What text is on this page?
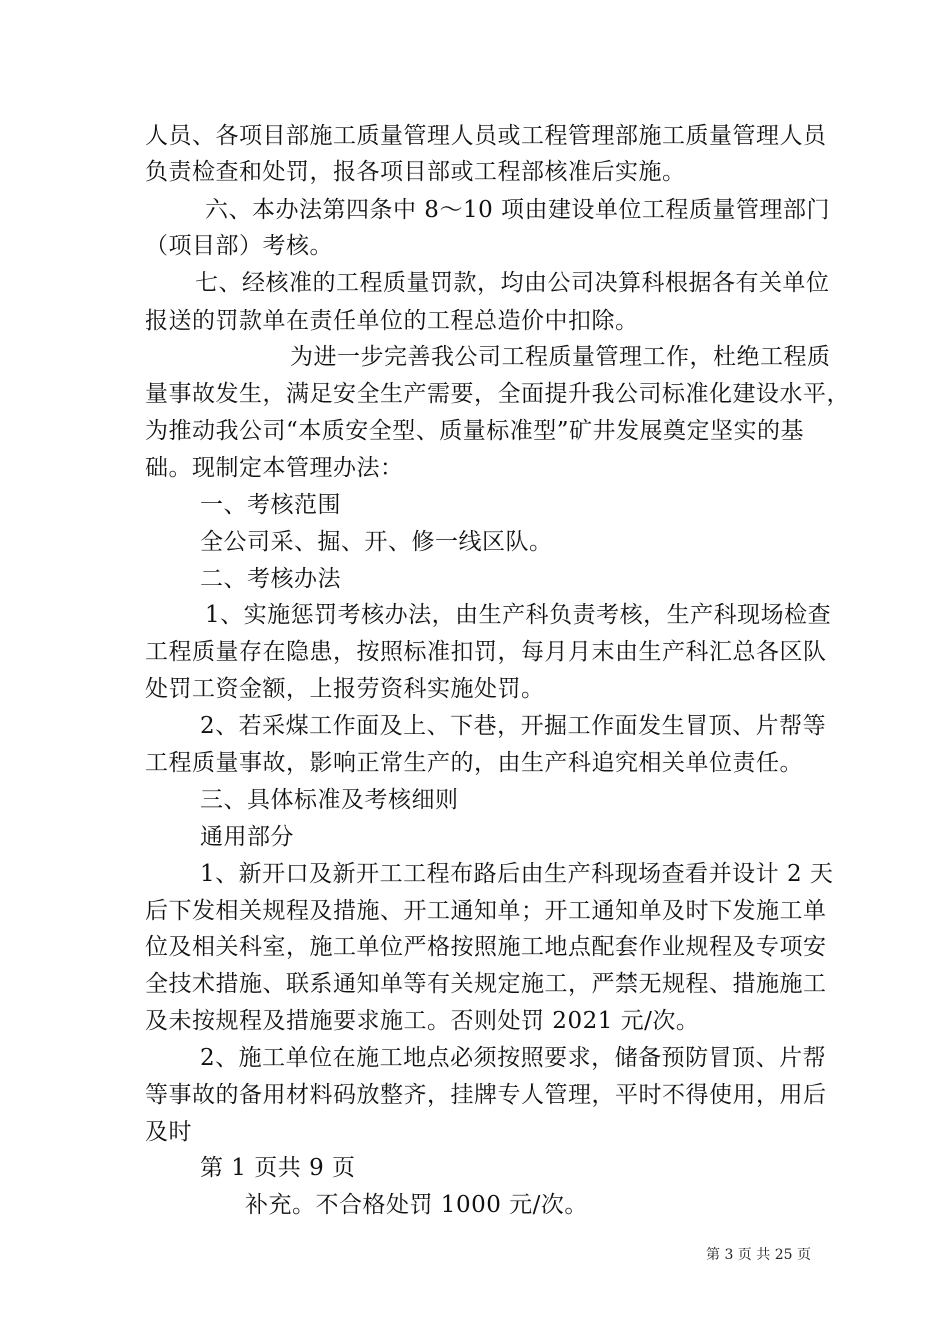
人员、各项目部施工质量管理人员或工程管理部施工质量管理人员
负责检查和处罚，报各项目部或工程部核准后实施。
六、本办法第四条中 8～10 项由建设单位工程质量管理部门
（项目部）考核。
七、经核准的工程质量罚款，均由公司决算科根据各有关单位
报送的罚款单在责任单位的工程总造价中扣除。
为进一步完善我公司工程质量管理工作，杜绝工程质
量事故发生，满足安全生产需要，全面提升我公司标准化建设水平，
为推动我公司“本质安全型、质量标准型”矿井发展奠定坚实的基
础。现制定本管理办法：
一、考核范围
全公司采、掘、开、修一线区队。
二、考核办法
1、实施惩罚考核办法，由生产科负责考核，生产科现场检查
工程质量存在隐患，按照标准扣罚，每月月末由生产科汇总各区队
处罚工资金额，上报劳资科实施处罚。
2、若采煤工作面及上、下巷，开掘工作面发生冒顶、片帮等
工程质量事故，影响正常生产的，由生产科追究相关单位责任。
三、具体标准及考核细则
通用部分
1、新开口及新开工工程布路后由生产科现场查看并设计 2 天
后下发相关规程及措施、开工通知单；开工通知单及时下发施工单
位及相关科室，施工单位严格按照施工地点配套作业规程及专项安
全技术措施、联系通知单等有关规定施工，严禁无规程、措施施工
及未按规程及措施要求施工。否则处罚 2021 元/次。
2、施工单位在施工地点必须按照要求，储备预防冒顶、片帮
等事故的备用材料码放整齐，挂牌专人管理，平时不得使用，用后
及时
第 1 页共 9 页
补充。不合格处罚 1000 元/次。
第 3 页 共 25 页
